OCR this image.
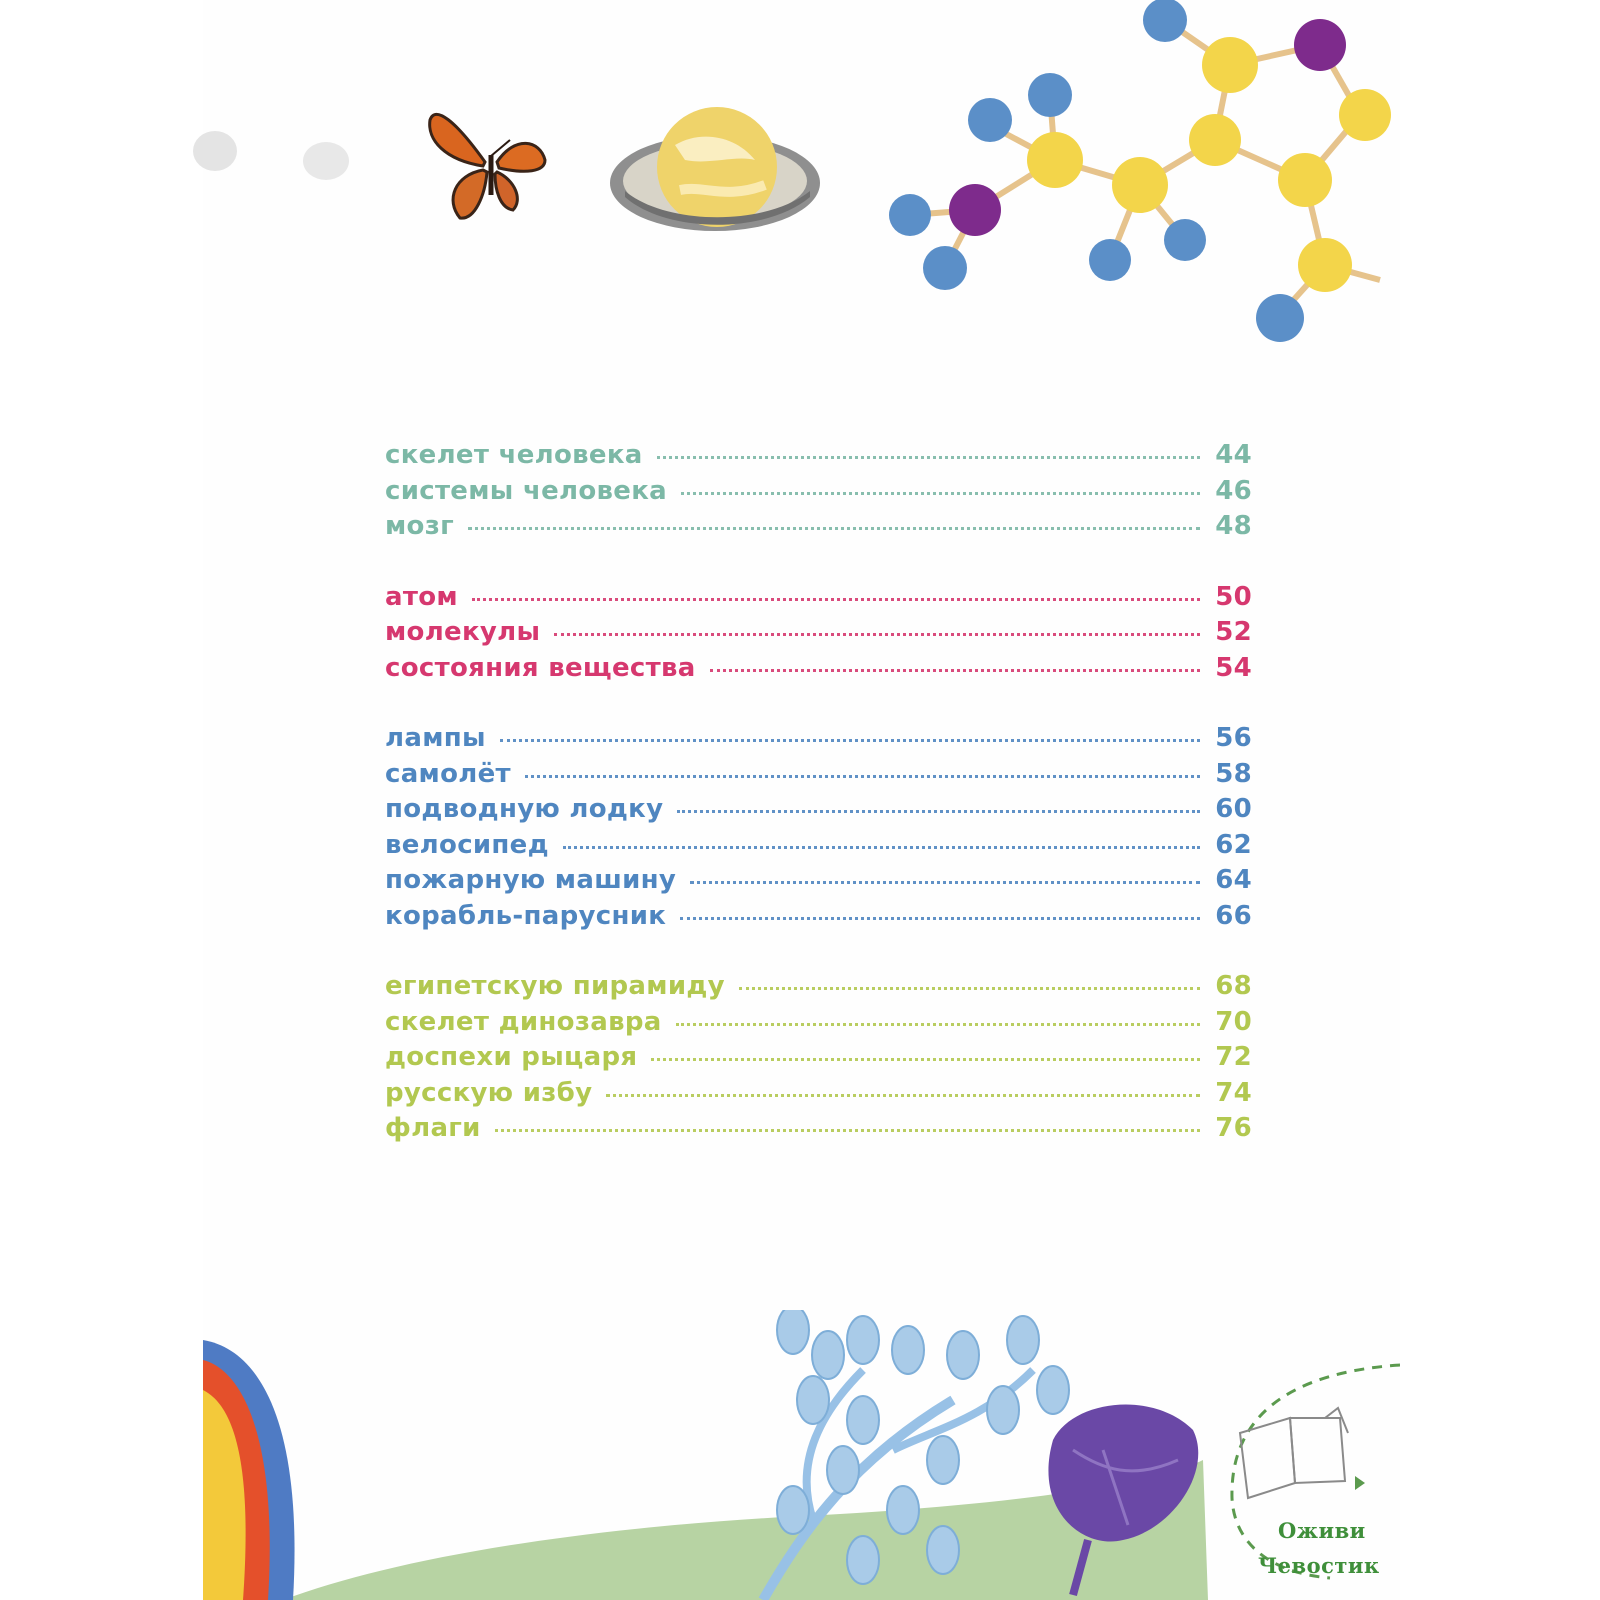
скелет человека	44
системы человека	46
мозг	48
атом	50
молекулы	52
состояния вещества	54
лампы	56
самолёт	58
подводную лодку	60
велосипед	62
пожарную машину	64
корабль-парусник	66
египетскую пирамиду	68
скелет динозавра	70
доспехи рыцаря	72
русскую избу	74
флаги	76
Оживи
Чевостик
